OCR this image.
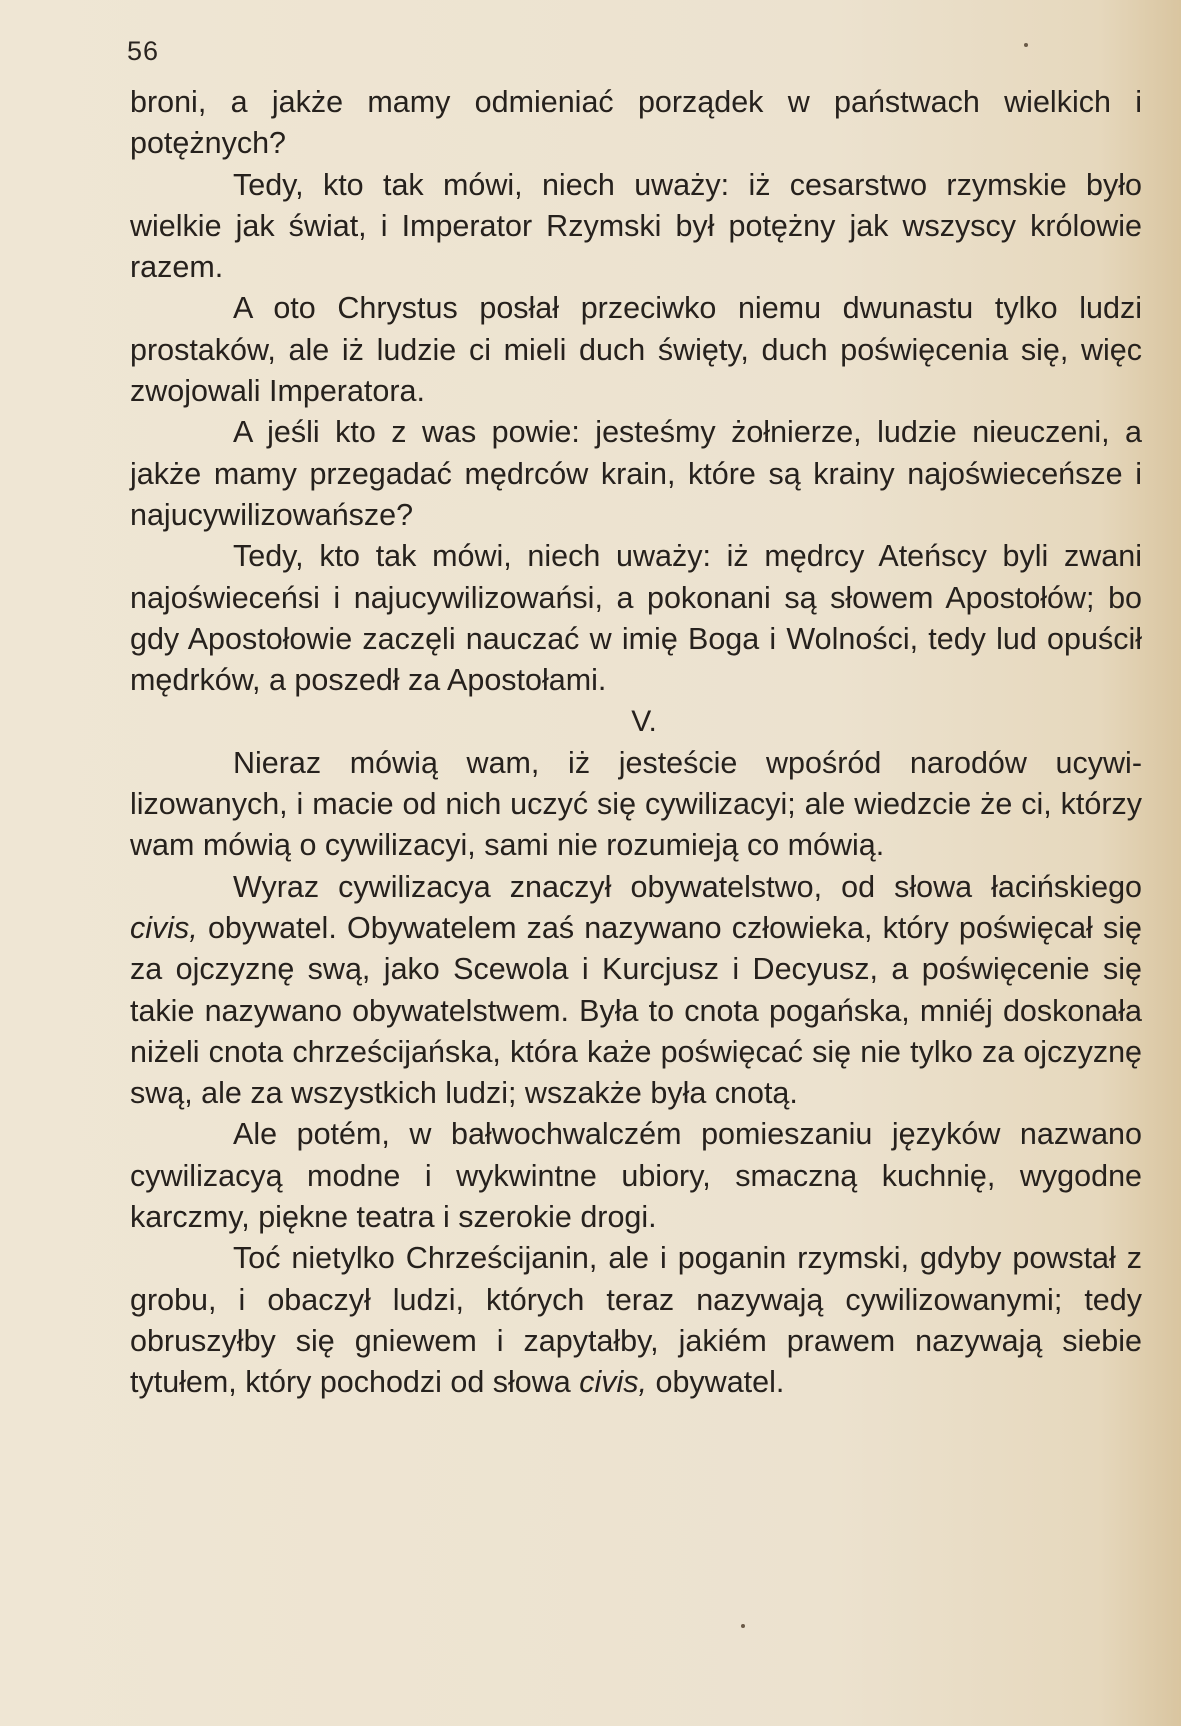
56

broni, a jakże mamy odmieniać porządek w państwach wielkich i potężnych?

Tedy, kto tak mówi, niech uważy: iż cesarstwo rzymskie było wielkie jak świat, i Imperator Rzymski był potężny jak wszyscy królowie razem.

A oto Chrystus posłał przeciwko niemu dwunastu tylko ludzi prostaków, ale iż ludzie ci mieli duch święty, duch poświęcenia się, więc zwojowali Imperatora.

A jeśli kto z was powie: jesteśmy żołnierze, ludzie nieuczeni, a jakże mamy przegadać mędrców krain, które są krainy najoświeceńsze i najucywilizowańsze?

Tedy, kto tak mówi, niech uważy: iż mędrcy Ateńscy byli zwani najoświeceńsi i najucywilizowańsi, a pokonani są słowem Apostołów; bo gdy Apostołowie zaczęli nauczać w imię Boga i Wolności, tedy lud opuścił mędrków, a poszedł za Apostołami.

V.

Nieraz mówią wam, iż jesteście wpośród narodów ucywilizowanych, i macie od nich uczyć się cywilizacyi; ale wiedzcie że ci, którzy wam mówią o cywilizacyi, sami nie rozumieją co mówią.

Wyraz cywilizacya znaczył obywatelstwo, od słowa łacińskiego civis, obywatel. Obywatelem zaś nazywano człowieka, który poświęcał się za ojczyznę swą, jako Scewola i Kurcjusz i Decyusz, a poświęcenie się takie nazywano obywatelstwem. Była to cnota pogańska, mniéj doskonała niżeli cnota chrześcijańska, która każe poświęcać się nie tylko za ojczyznę swą, ale za wszystkich ludzi; wszakże była cnotą.

Ale potém, w bałwochwalczém pomieszaniu języków nazwano cywilizacyą modne i wykwintne ubiory, smaczną kuchnię, wygodne karczmy, piękne teatra i szerokie drogi.

Toć nietylko Chrześcijanin, ale i poganin rzymski, gdyby powstał z grobu, i obaczył ludzi, których teraz nazywają cywilizowanymi; tedy obruszyłby się gniewem i zapytałby, jakiém prawem nazywają siebie tytułem, który pochodzi od słowa civis, obywatel.
